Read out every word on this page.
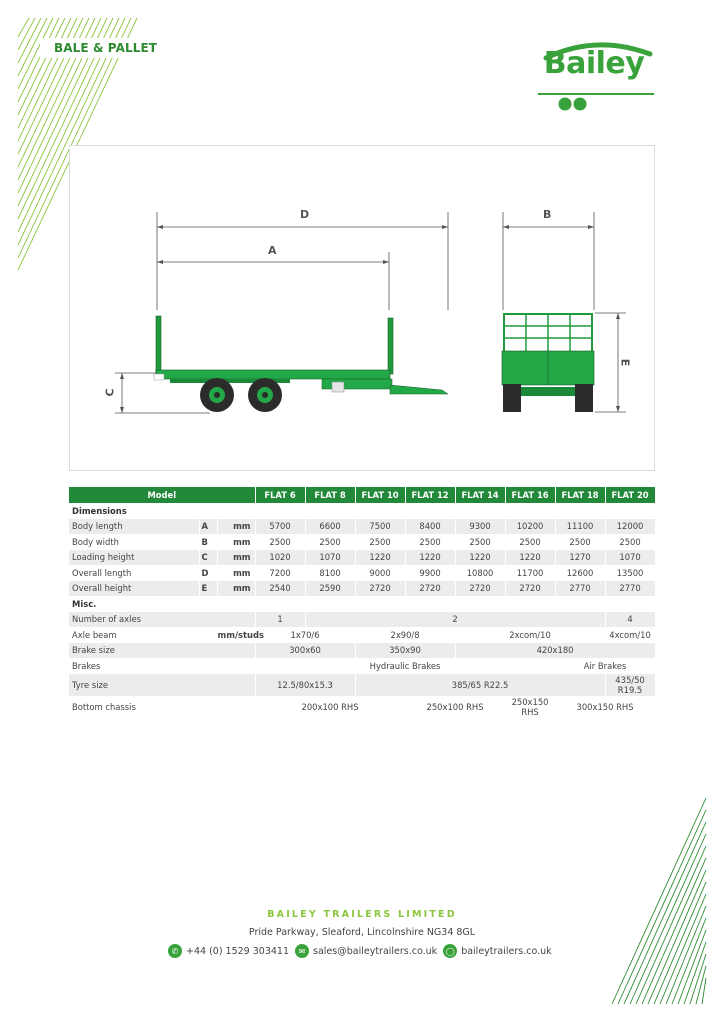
BALE & PALLET	Bailey
D
A
B
C
E
Model			FLAT 6	FLAT 8	FLAT 10	FLAT 12	FLAT 14	FLAT 16	FLAT 18	FLAT 20
Dimensions										
Body length	A	mm	5700	6600	7500	8400	9300	10200	11100	12000
Body width	B	mm	2500	2500	2500	2500	2500	2500	2500	2500
Loading height	C	mm	1020	1070	1220	1220	1220	1220	1270	1070
Overall length	D	mm	7200	8100	9000	9900	10800	11700	12600	13500
Overall height	E	mm	2540	2590	2720	2720	2720	2720	2770	2770
Misc.										
Number of axles			1	2						4
Axle beam		mm/studs	1x70/6		2x90/8		2xcom/10			4xcom/10
Brake size			300x60		350x90		420x180			
Brakes			Hydraulic Brakes						Air Brakes	
Tyre size			12.5/80x15.3		385/65 R22.5					435/50 R19.5
Bottom chassis			200x100 RHS			250x100 RHS		250x150 RHS	300x150 RHS	
BAILEY TRAILERS LIMITED
Pride Parkway, Sleaford, Lincolnshire NG34 8GL
✆ +44 (0) 1529 303411	✉ sales@baileytrailers.co.uk	◯ baileytrailers.co.uk
